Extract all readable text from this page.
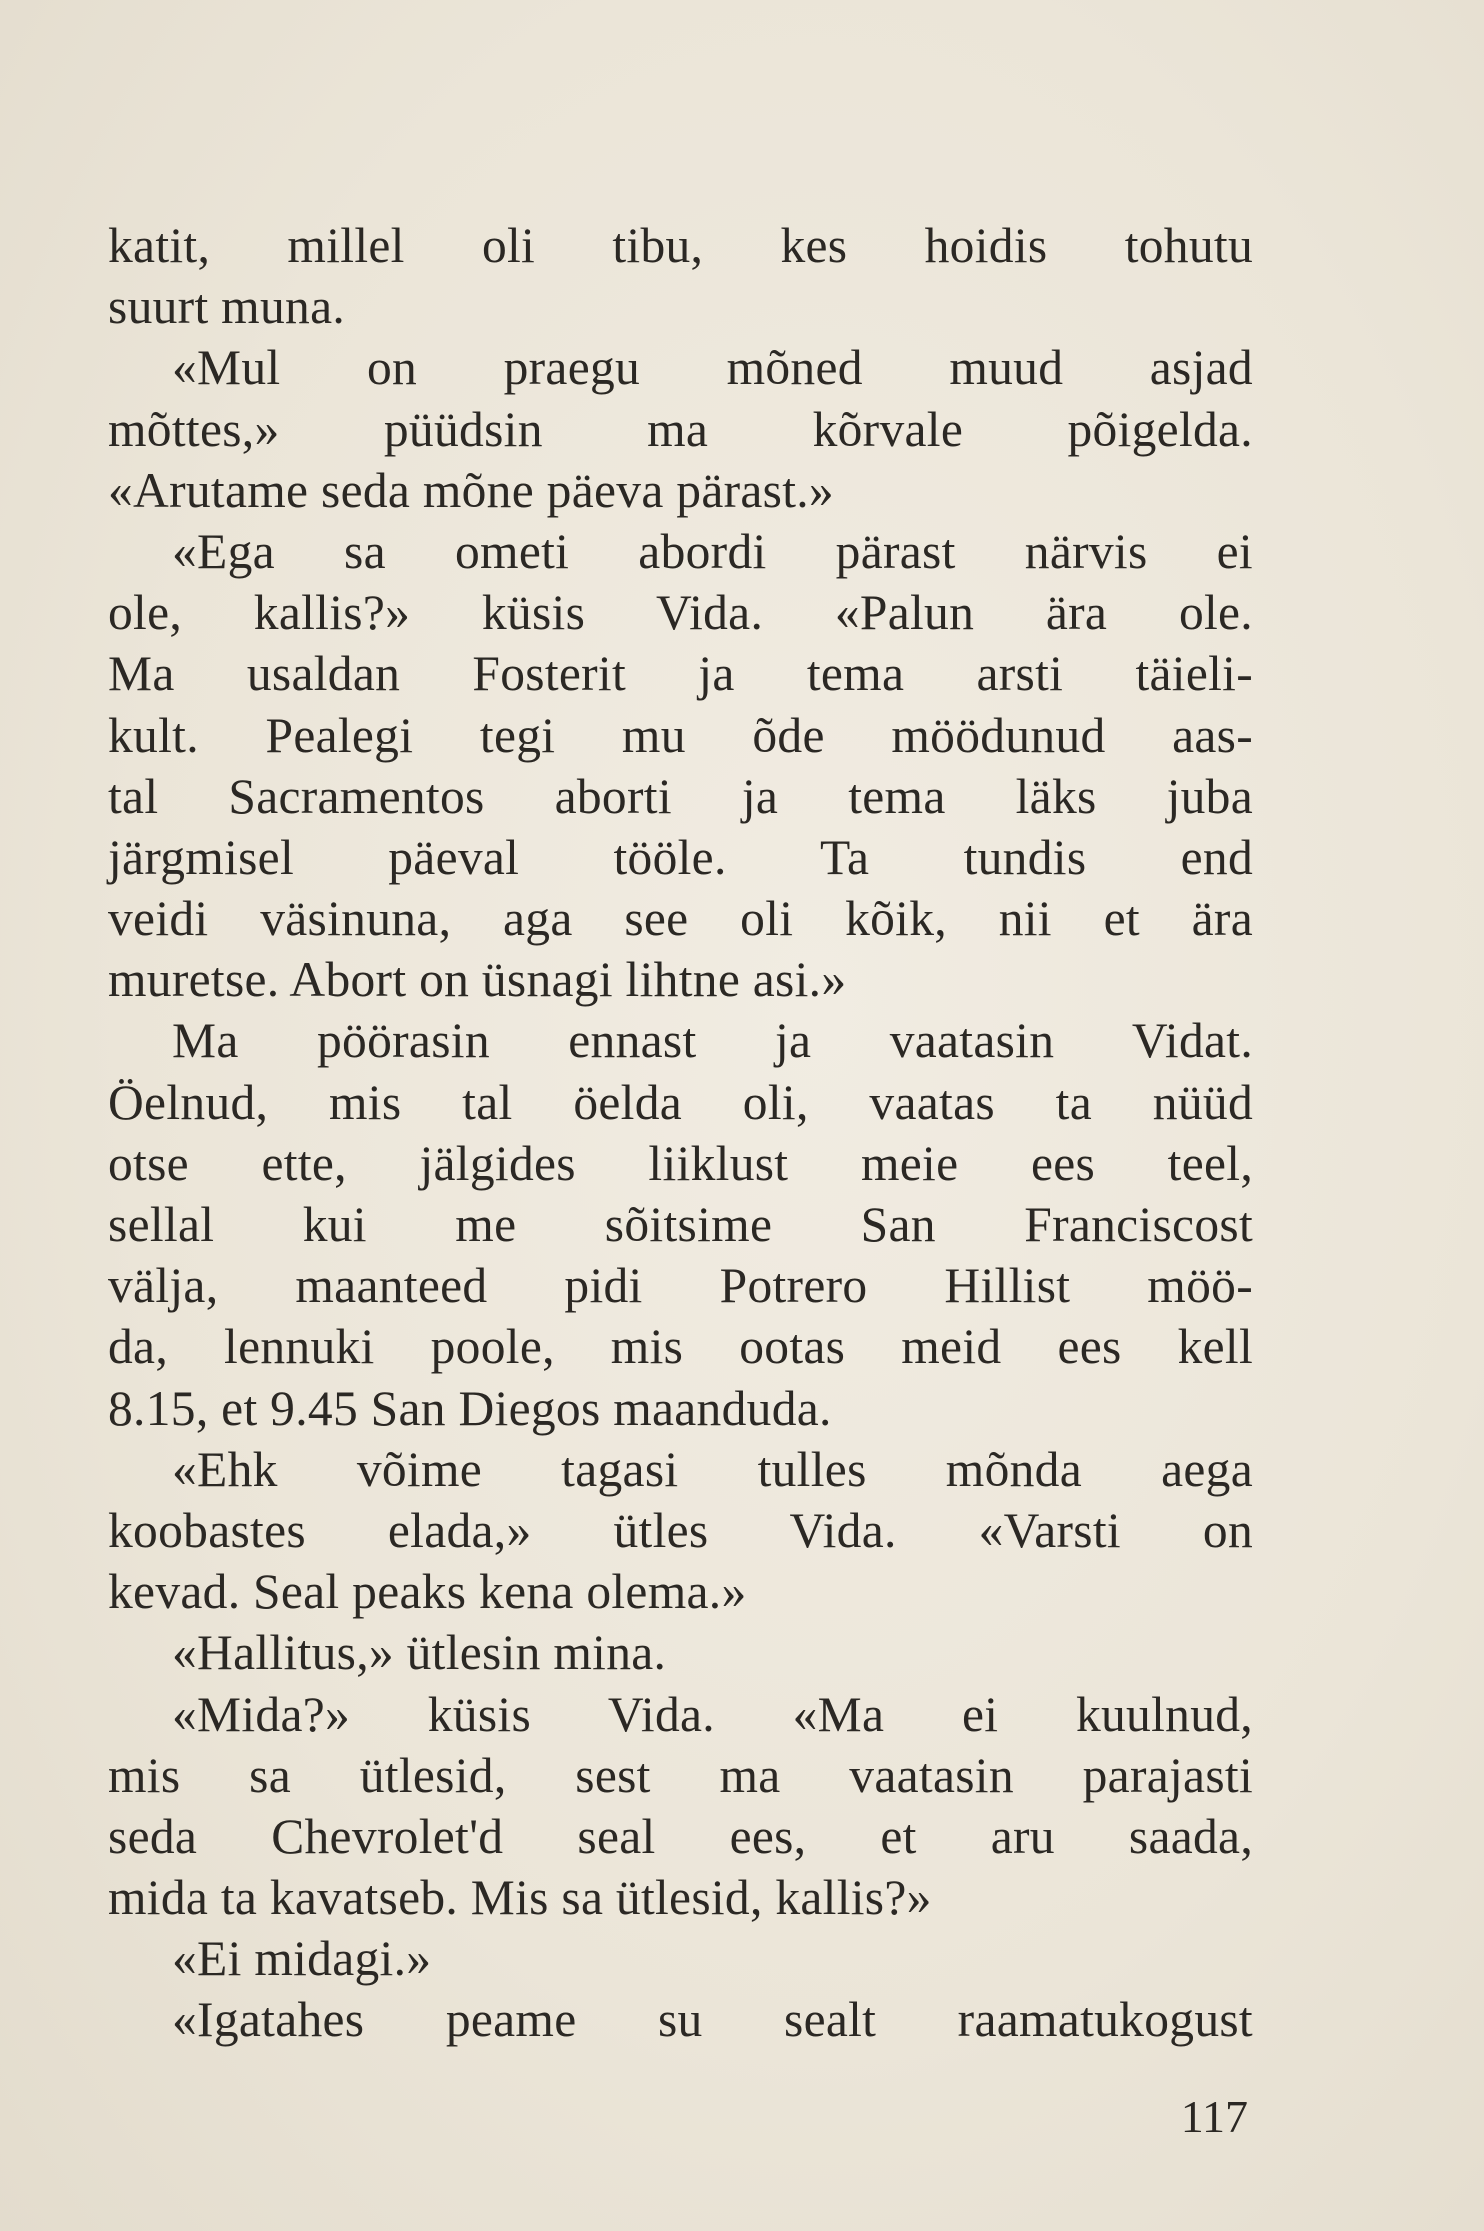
katit, millel oli tibu, kes hoidis tohutu
suurt muna.
«Mul on praegu mõned muud asjad
mõttes,» püüdsin ma kõrvale põigelda.
«Arutame seda mõne päeva pärast.»
«Ega sa ometi abordi pärast närvis ei
ole, kallis?» küsis Vida. «Palun ära ole.
Ma usaldan Fosterit ja tema arsti täieli-
kult. Pealegi tegi mu õde möödunud aas-
tal Sacramentos aborti ja tema läks juba
järgmisel päeval tööle. Ta tundis end
veidi väsinuna, aga see oli kõik, nii et ära
muretse. Abort on üsnagi lihtne asi.»
Ma pöörasin ennast ja vaatasin Vidat.
Öelnud, mis tal öelda oli, vaatas ta nüüd
otse ette, jälgides liiklust meie ees teel,
sellal kui me sõitsime San Franciscost
välja, maanteed pidi Potrero Hillist möö-
da, lennuki poole, mis ootas meid ees kell
8.15, et 9.45 San Diegos maanduda.
«Ehk võime tagasi tulles mõnda aega
koobastes elada,» ütles Vida. «Varsti on
kevad. Seal peaks kena olema.»
«Hallitus,» ütlesin mina.
«Mida?» küsis Vida. «Ma ei kuulnud,
mis sa ütlesid, sest ma vaatasin parajasti
seda Chevrolet'd seal ees, et aru saada,
mida ta kavatseb. Mis sa ütlesid, kallis?»
«Ei midagi.»
«Igatahes peame su sealt raamatukogust
117
